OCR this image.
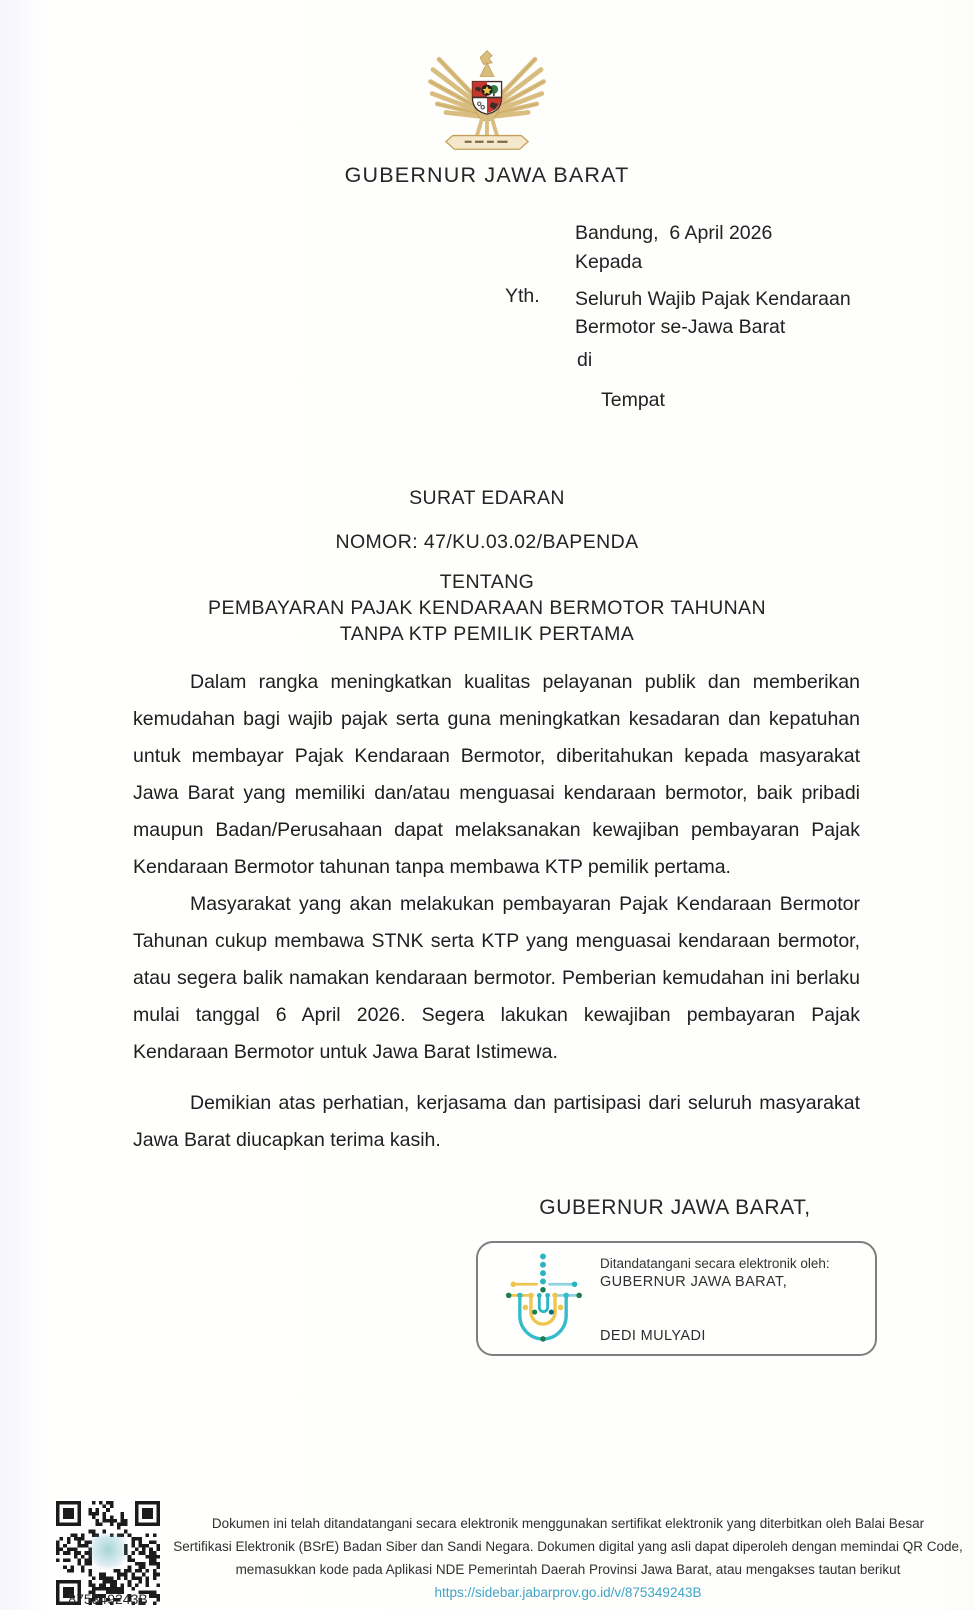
GUBERNUR JAWA BARAT
Bandung,  6 April 2026
Kepada
Yth. Seluruh Wajib Pajak Kendaraan
Bermotor se-Jawa Barat
di
Tempat
SURAT EDARAN
NOMOR: 47/KU.03.02/BAPENDA
TENTANG
PEMBAYARAN PAJAK KENDARAAN BERMOTOR TAHUNAN
TANPA KTP PEMILIK PERTAMA

Dalam rangka meningkatkan kualitas pelayanan publik dan memberikan kemudahan bagi wajib pajak serta guna meningkatkan kesadaran dan kepatuhan untuk membayar Pajak Kendaraan Bermotor, diberitahukan kepada masyarakat Jawa Barat yang memiliki dan/atau menguasai kendaraan bermotor, baik pribadi maupun Badan/Perusahaan dapat melaksanakan kewajiban pembayaran Pajak Kendaraan Bermotor tahunan tanpa membawa KTP pemilik pertama.

Masyarakat yang akan melakukan pembayaran Pajak Kendaraan Bermotor Tahunan cukup membawa STNK serta KTP yang menguasai kendaraan bermotor, atau segera balik namakan kendaraan bermotor. Pemberian kemudahan ini berlaku mulai tanggal 6 April 2026. Segera lakukan kewajiban pembayaran Pajak Kendaraan Bermotor untuk Jawa Barat Istimewa.

Demikian atas perhatian, kerjasama dan partisipasi dari seluruh masyarakat Jawa Barat diucapkan terima kasih.

GUBERNUR JAWA BARAT,
Ditandatangani secara elektronik oleh:
GUBERNUR JAWA BARAT,
DEDI MULYADI
875349243B
Dokumen ini telah ditandatangani secara elektronik menggunakan sertifikat elektronik yang diterbitkan oleh Balai Besar
Sertifikasi Elektronik (BSrE) Badan Siber dan Sandi Negara. Dokumen digital yang asli dapat diperoleh dengan memindai QR Code,
memasukkan kode pada Aplikasi NDE Pemerintah Daerah Provinsi Jawa Barat, atau mengakses tautan berikut
https://sidebar.jabarprov.go.id/v/875349243B
